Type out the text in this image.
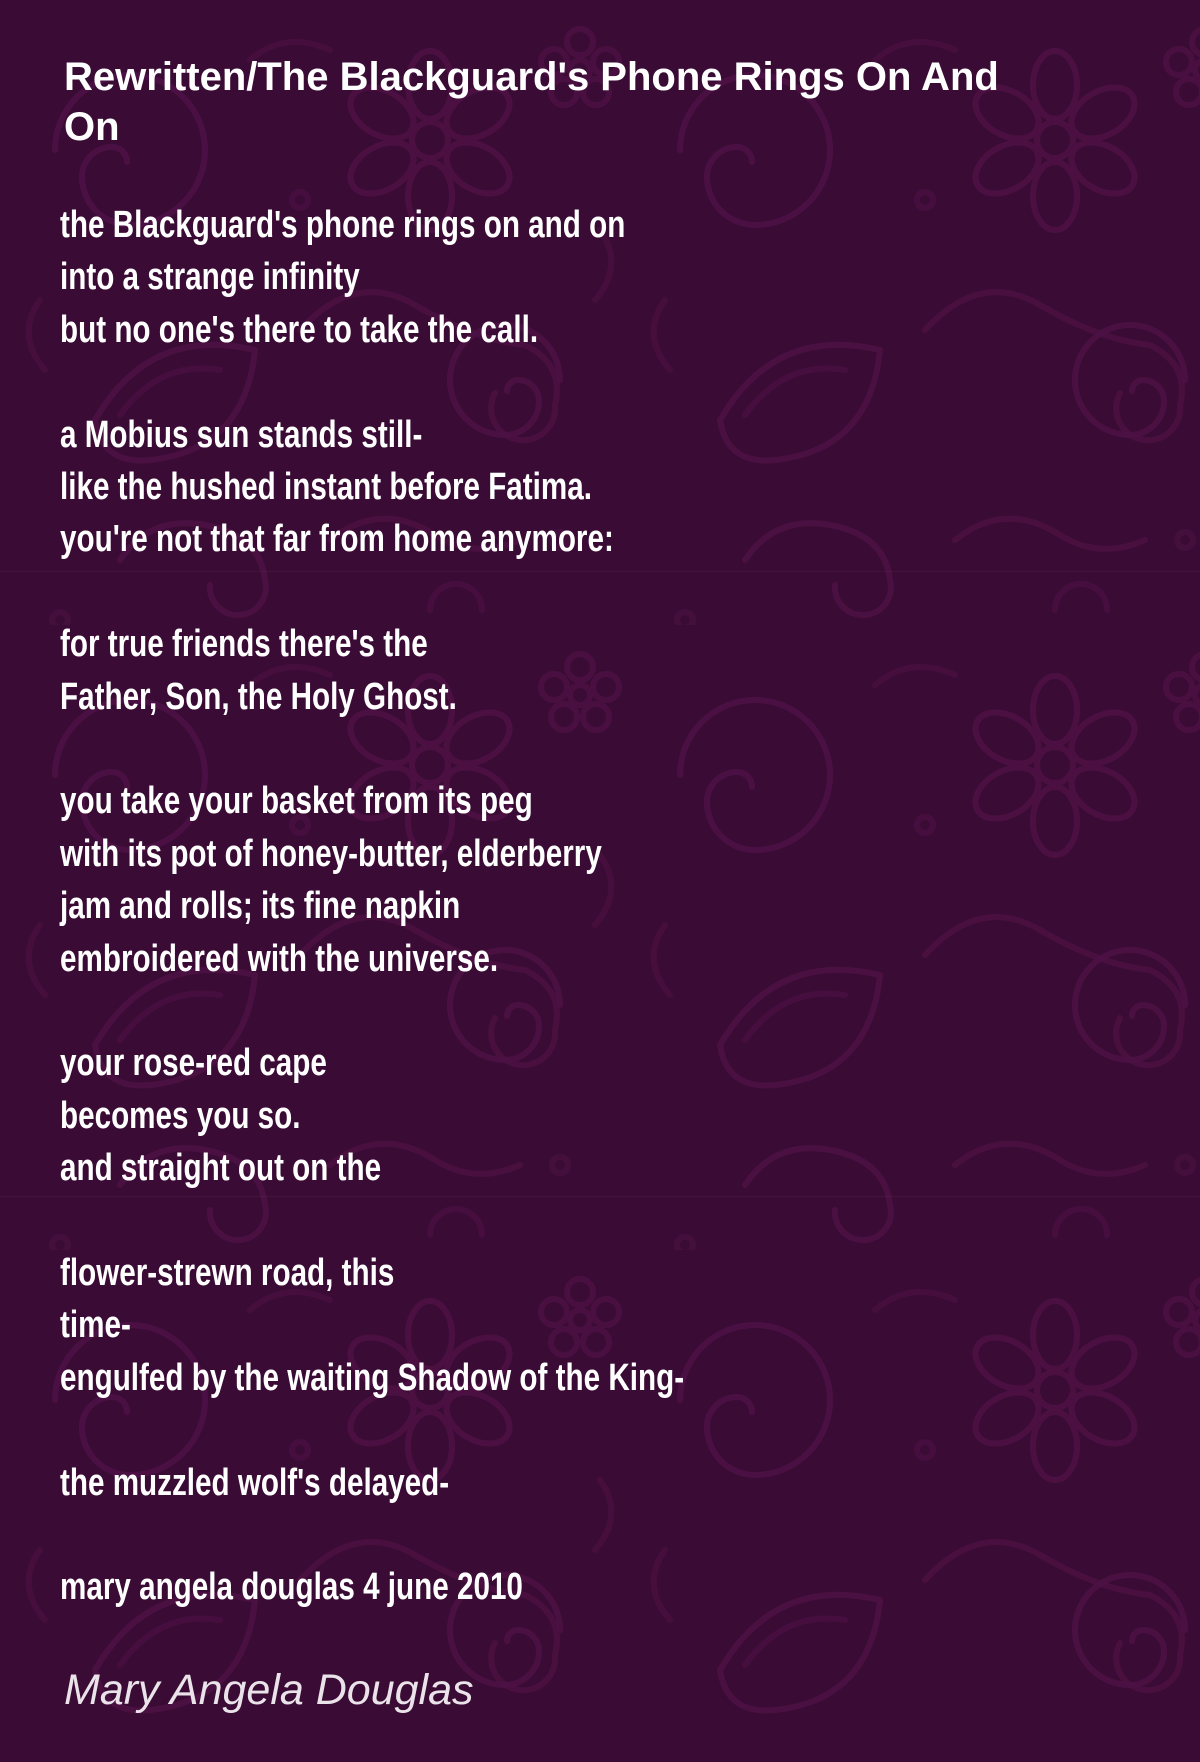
Rewritten/The Blackguard's Phone Rings On And On

the Blackguard's phone rings on and on

into a strange infinity

but no one's there to take the call.

a Mobius sun stands still-

like the hushed instant before Fatima.

you're not that far from home anymore:

for true friends there's the

Father, Son, the Holy Ghost.

you take your basket from its peg

with its pot of honey-butter, elderberry

jam and rolls; its fine napkin

embroidered with the universe.

your rose-red cape

becomes you so.

and straight out on the

flower-strewn road, this

time-

engulfed by the waiting Shadow of the King-

the muzzled wolf's delayed-

mary angela douglas 4 june 2010

Mary Angela Douglas
